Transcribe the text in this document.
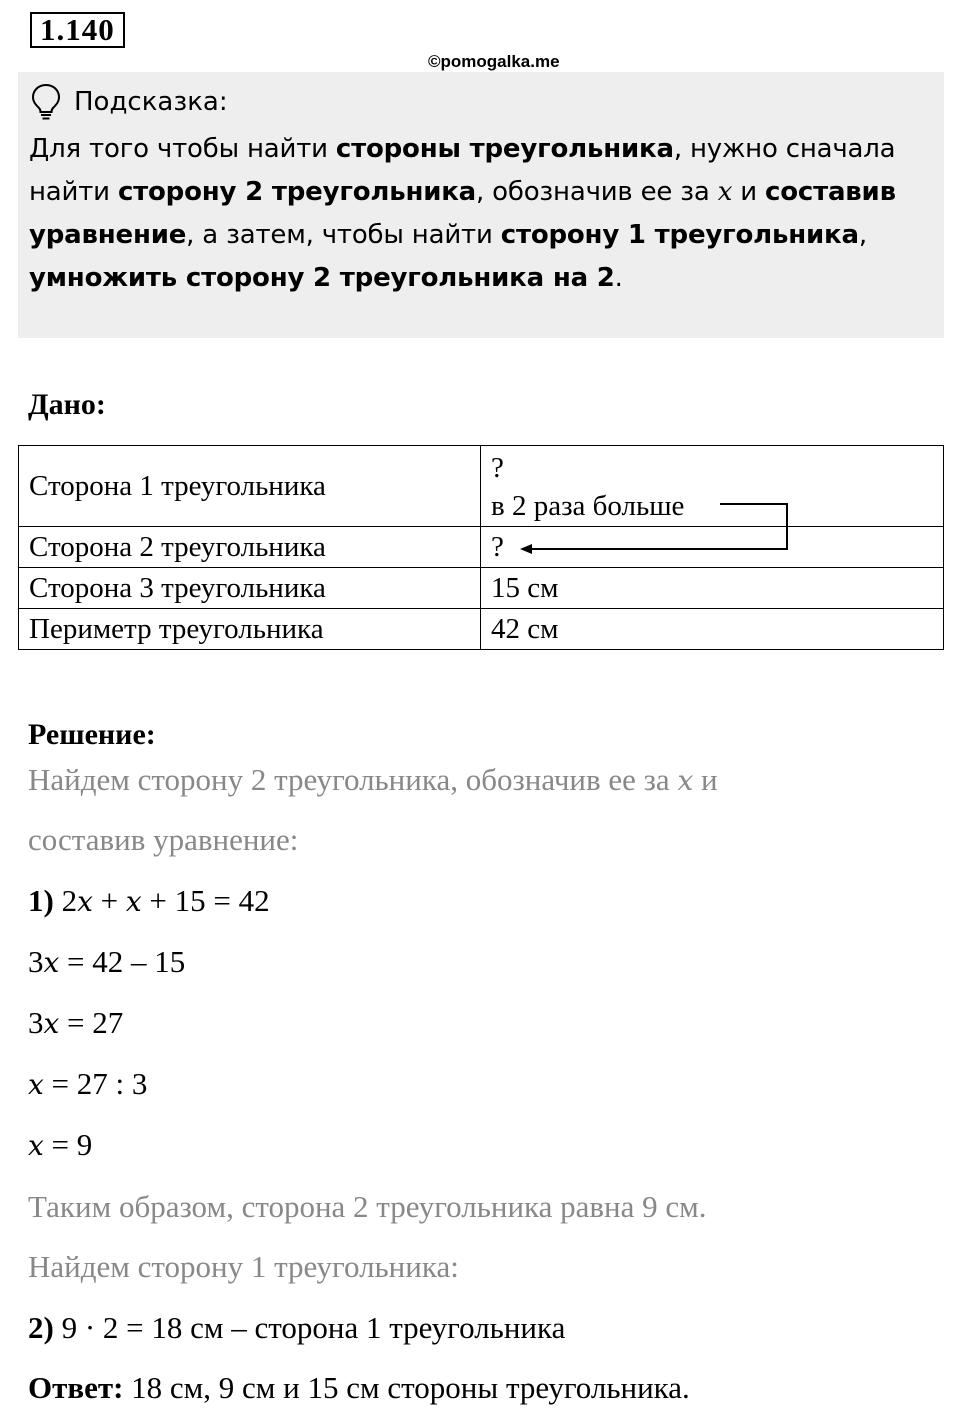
1.140
©pomogalka.me
Подсказка:
Для того чтобы найти стороны треугольника, нужно сначала найти сторону 2 треугольника, обозначив ее за x и составив уравнение, а затем, чтобы найти сторону 1 треугольника,
умножить сторону 2 треугольника на 2.
Дано:
Сторона 1 треугольника	?
в 2 раза больше

Сторона 2 треугольника	?
Сторона 3 треугольника	15 см
Периметр треугольника	42 см
Решение:
Найдем сторону 2 треугольника, обозначив ее за x и
составив уравнение:
1) 2x + x + 15 = 42
3x = 42 – 15
3x = 27
x = 27 : 3
x = 9
Таким образом, сторона 2 треугольника равна 9 см.
Найдем сторону 1 треугольника:
2) 9 · 2 = 18 см – сторона 1 треугольника
Ответ: 18 см, 9 см и 15 см стороны треугольника.
